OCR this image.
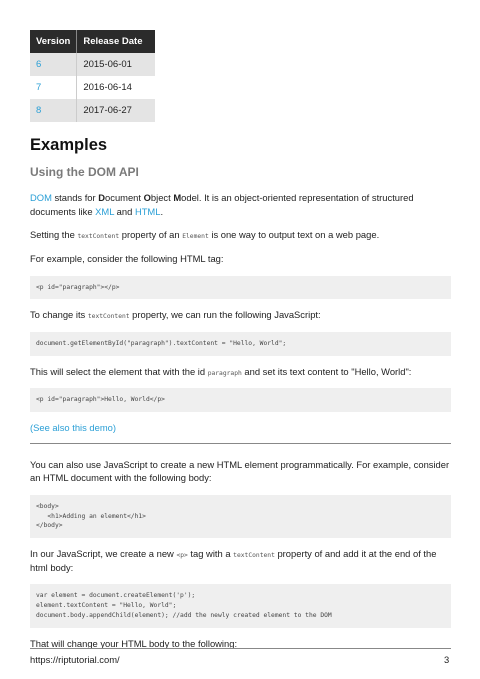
Version	Release Date
6	2015-06-01
7	2016-06-14
8	2017-06-27
Examples
Using the DOM API

DOM stands for Document Object Model. It is an object-oriented representation of structured documents like XML and HTML.

Setting the textContent property of an Element is one way to output text on a web page.

For example, consider the following HTML tag:

<p id="paragraph"></p>

To change its textContent property, we can run the following JavaScript:

document.getElementById("paragraph").textContent = "Hello, World";

This will select the element that with the id paragraph and set its text content to "Hello, World":

<p id="paragraph">Hello, World</p>

(See also this demo)

You can also use JavaScript to create a new HTML element programmatically. For example, consider an HTML document with the following body:

<body>
<h1>Adding an element</h1>
</body>

In our JavaScript, we create a new <p> tag with a textContent property of and add it at the end of the html body:

var element = document.createElement('p');
element.textContent = "Hello, World";
document.body.appendChild(element); //add the newly created element to the DOM

That will change your HTML body to the following:

https://riptutorial.com/	3
